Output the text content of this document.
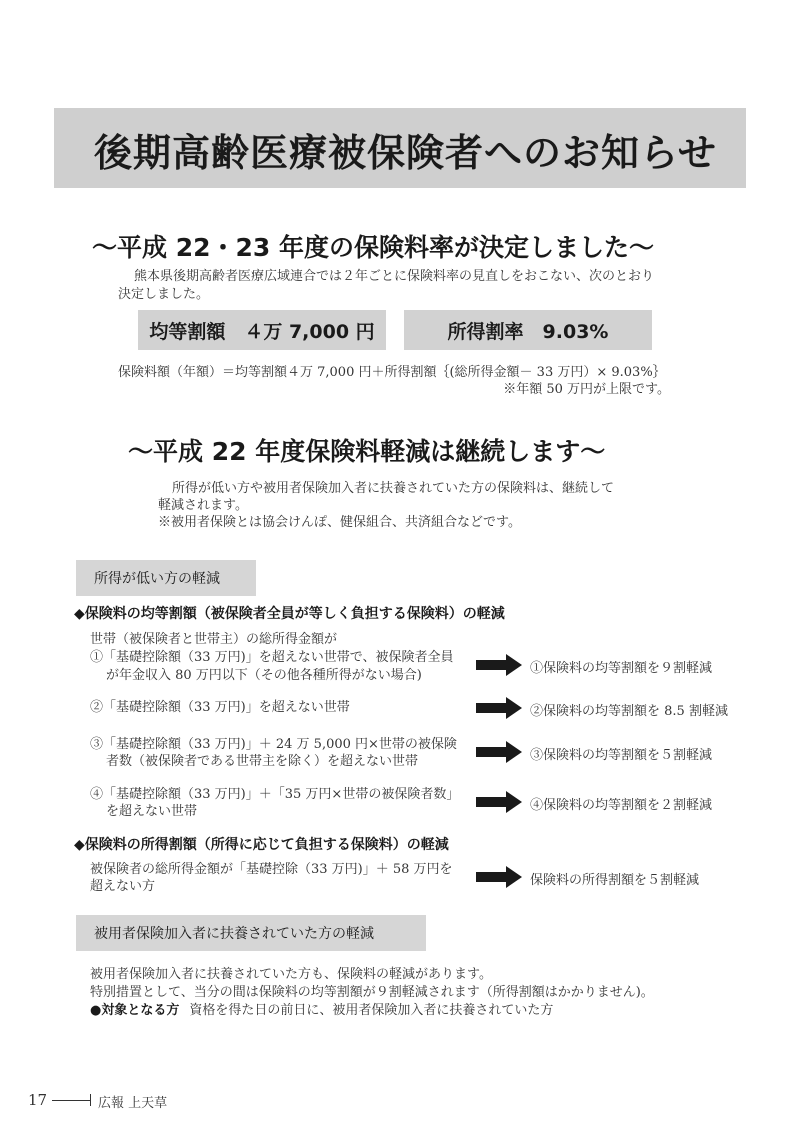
後期高齢医療被保険者へのお知らせ
～平成 22・23 年度の保険料率が決定しました～
熊本県後期高齢者医療広域連合では２年ごとに保険料率の見直しをおこない、次のとおり
決定しました。
均等割額　４万 7,000 円	所得割率　9.03%
保険料額（年額）＝均等割額４万 7,000 円＋所得割額｛(総所得金額－ 33 万円）× 9.03%｝
※年額 50 万円が上限です。
～平成 22 年度保険料軽減は継続します～
所得が低い方や被用者保険加入者に扶養されていた方の保険料は、継続して
軽減されます。
※被用者保険とは協会けんぽ、健保組合、共済組合などです。
所得が低い方の軽減
◆保険料の均等割額（被保険者全員が等しく負担する保険料）の軽減
世帯（被保険者と世帯主）の総所得金額が
①「基礎控除額（33 万円)」を超えない世帯で、被保険者全員
が年金収入 80 万円以下（その他各種所得がない場合)	①保険料の均等割額を９割軽減
②「基礎控除額（33 万円)」を超えない世帯	②保険料の均等割額を 8.5 割軽減
③「基礎控除額（33 万円)」＋ 24 万 5,000 円×世帯の被保険
者数（被保険者である世帯主を除く）を超えない世帯	③保険料の均等割額を５割軽減
④「基礎控除額（33 万円)」＋「35 万円×世帯の被保険者数」
を超えない世帯	④保険料の均等割額を２割軽減
◆保険料の所得割額（所得に応じて負担する保険料）の軽減
被保険者の総所得金額が「基礎控除（33 万円)」＋ 58 万円を
超えない方	保険料の所得割額を５割軽減
被用者保険加入者に扶養されていた方の軽減
被用者保険加入者に扶養されていた方も、保険料の軽減があります。
特別措置として、当分の間は保険料の均等割額が９割軽減されます（所得割額はかかりません)。
●対象となる方 資格を得た日の前日に、被用者保険加入者に扶養されていた方
17	広報 上天草
